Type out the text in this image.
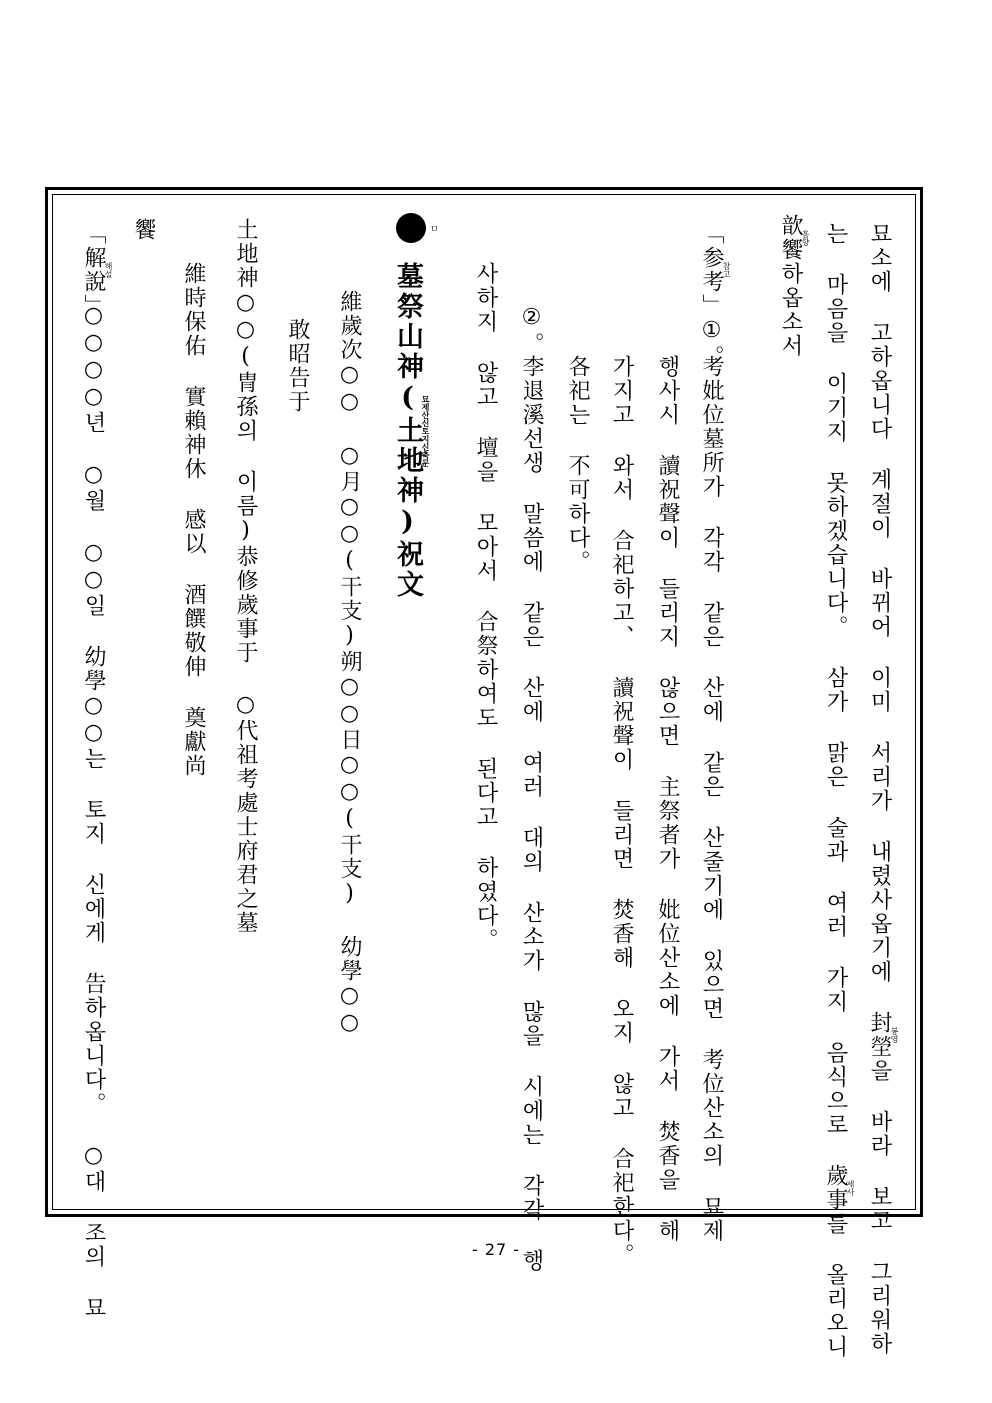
묘소에 고하옵니다 계절이 바뀌어 이미 서리가 내렸사옵기에 封塋봉영을 바라 보고 그리워하
는 마음을 이기지 못하겠습니다。 삼가 맑은 술과 여러 가지 음식으로 歲事세사를 올리오니
歆饗흠향하옵소서
「参考」참고①。
考妣位墓所가 각각 같은 산에 같은 산줄기에 있으면 考位산소의 묘제
행사시 讀祝聲이 들리지 않으면 主祭者가 妣位산소에 가서 焚香을 해
가지고 와서 合祀하고、 讀祝聲이 들리면 焚香해 오지 않고 合祀한다。
各祀는 不可하다。
②。
李退溪선생 말씀에 같은 산에 여러 대의 산소가 많을 시에는 각각 행
사하지 않고 壇을 모아서 合祭하여도 된다고 하였다。
ㅁ
墓祭山神(土地神)祝文묘제산신토지신축문
維歲次○○ ○月○○(干支)朔○○日○○(干支) 幼學○○
敢昭告于
土地神○○(冑孫의 이름)恭修歲事于 ○代祖考處士府君之墓
維時保佑 實賴神休 感以 酒饌敬伸 奠獻尚
饗
「解說」해설
○○○○년 ○월 ○○일 幼學○○는 토지 신에게 告하옵니다。 ○대 조의 묘	- 27 -
